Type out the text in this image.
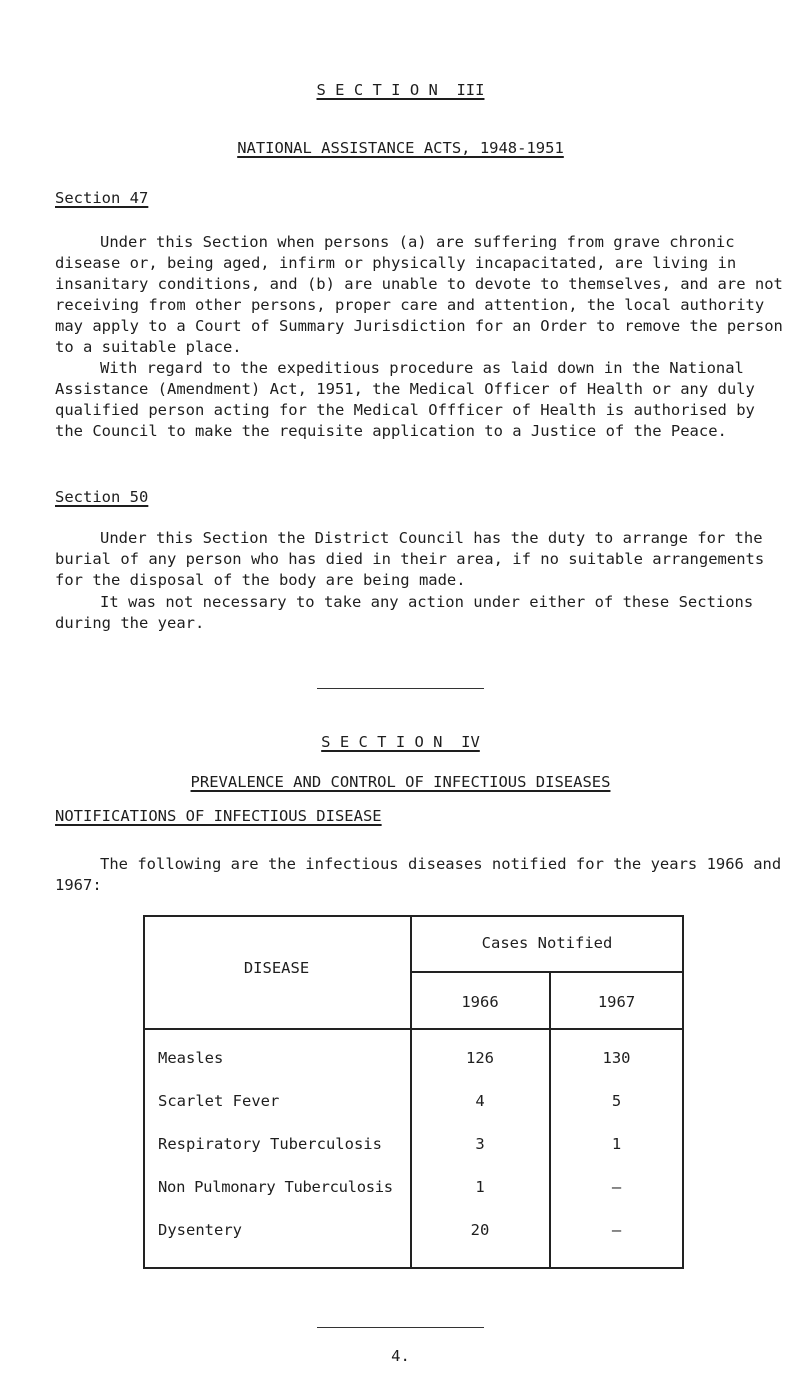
S E C T I O N  III
NATIONAL ASSISTANCE ACTS, 1948-1951
Section 47

Under this Section when persons (a) are suffering from grave chronic disease or, being aged, infirm or physically incapacitated, are living in insanitary conditions, and (b) are unable to devote to themselves, and are not receiving from other persons, proper care and attention, the local authority may apply to a Court of Summary Jurisdiction for an Order to remove the person to a suitable place.

With regard to the expeditious procedure as laid down in the National Assistance (Amendment) Act, 1951, the Medical Officer of Health or any duly qualified person acting for the Medical Offficer of Health is authorised by the Council to make the requisite application to a Justice of the Peace.

Section 50

Under this Section the District Council has the duty to arrange for the burial of any person who has died in their area, if no suitable arrangements for the disposal of the body are being made.

It was not necessary to take any action under either of these Sections during the year.

S E C T I O N  IV
PREVALENCE AND CONTROL OF INFECTIOUS DISEASES
NOTIFICATIONS OF INFECTIOUS DISEASE

The following are the infectious diseases notified for the years 1966 and 1967:

DISEASE
Cases Notified
1966	1967
Measles	126	130
Scarlet Fever	4	5
Respiratory Tuberculosis	3	1
Non Pulmonary Tuberculosis	1	–
Dysentery	20	–
4.
